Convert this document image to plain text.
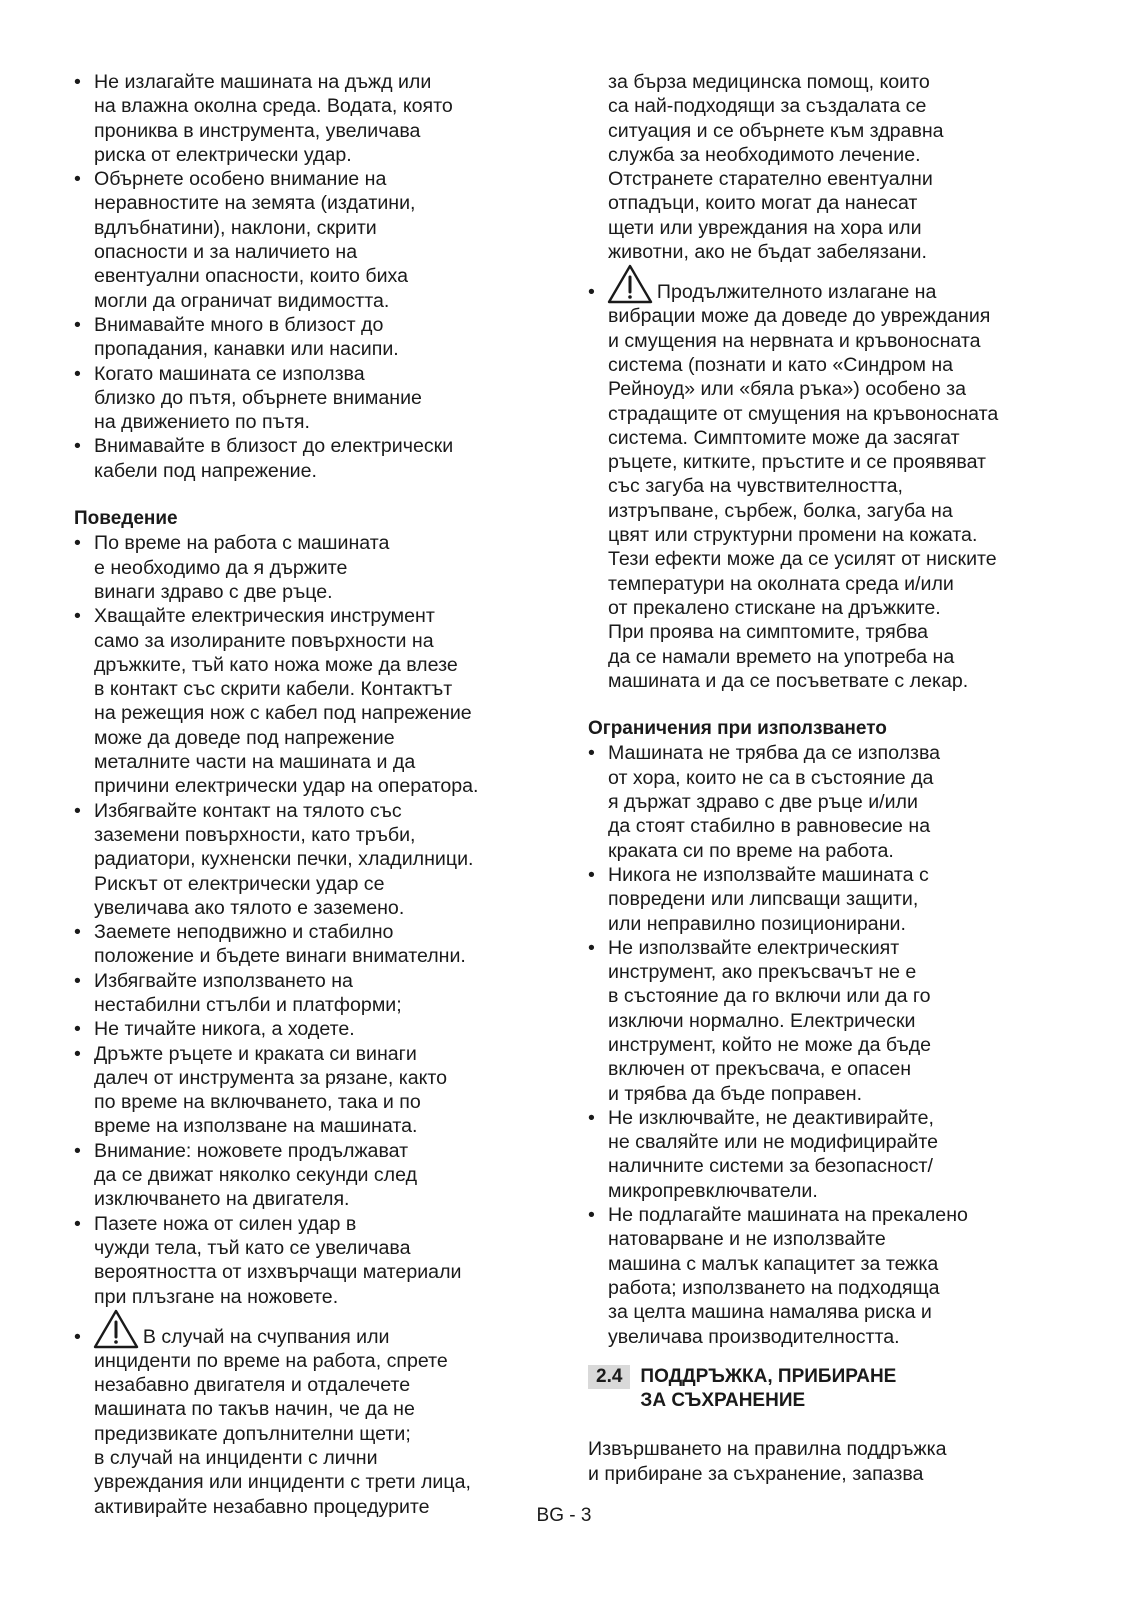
• Не излагайте машината на дъжд или
на влажна околна среда. Водата, която
прониква в инструмента, увеличава
риска от електрически удар.
• Обърнете особено внимание на
неравностите на земята (издатини,
вдлъбнатини), наклони, скрити
опасности и за наличието на
евентуални опасности, които биха
могли да ограничат видимостта.
• Внимавайте много в близост до
пропадания, канавки или насипи.
• Когато машината се използва
близко до пътя, обърнете внимание
на движението по пътя.
• Внимавайте в близост до електрически
кабели под напрежение.
Поведение
• По време на работа с машината
е необходимо да я държите
винаги здраво с две ръце.
• Хващайте електрическия инструмент
само за изолираните повърхности на
дръжките, тъй като ножа може да влезе
в контакт със скрити кабели. Контактът
на режещия нож с кабел под напрежение
може да доведе под напрежение
металните части на машината и да
причини електрически удар на оператора.
• Избягвайте контакт на тялото със
заземени повърхности, като тръби,
радиатори, кухненски печки, хладилници.
Рискът от електрически удар се
увеличава ако тялото е заземено.
• Заемете неподвижно и стабилно
положение и бъдете винаги внимателни.
• Избягвайте използването на
нестабилни стълби и платформи;
• Не тичайте никога, а ходете.
• Дръжте ръцете и краката си винаги
далеч от инструмента за рязане, както
по време на включването, така и по
време на използване на машината.
• Внимание: ножовете продължават
да се движат няколко секунди след
изключването на двигателя.
• Пазете ножа от силен удар в
чужди тела, тъй като се увеличава
вероятността от изхвърчащи материали
при плъзгане на ножовете.
•	В случай на счупвания или
инциденти по време на работа, спрете
незабавно двигателя и отдалечете
машината по такъв начин, че да не
предизвикате допълнителни щети;
в случай на инциденти с лични
увреждания или инциденти с трети лица,
активирайте незабавно процедурите
за бърза медицинска помощ, които
са най-подходящи за създалата се
ситуация и се обърнете към здравна
служба за необходимото лечение.
Отстранете старателно евентуални
отпадъци, които могат да нанесат
щети или увреждания на хора или
животни, ако не бъдат забелязани.
•	Продължителното излагане на
вибрации може да доведе до увреждания
и смущения на нервната и кръвоносната
система (познати и като «Синдром на
Рейноуд» или «бяла ръка») особено за
страдащите от смущения на кръвоносната
система. Симптомите може да засягат
ръцете, китките, пръстите и се проявяват
със загуба на чувствителността,
изтръпване, сърбеж, болка, загуба на
цвят или структурни промени на кожата.
Тези ефекти може да се усилят от ниските
температури на околната среда и/или
от прекалено стискане на дръжките.
При проява на симптомите, трябва
да се намали времето на употреба на
машината и да се посъветвате с лекар.
Ограничения при използването
• Машината не трябва да се използва
от хора, които не са в състояние да
я държат здраво с две ръце и/или
да стоят стабилно в равновесие на
краката си по време на работа.
• Никога не използвайте машината с
повредени или липсващи защити,
или неправилно позиционирани.
• Не използвайте електрическият
инструмент, ако прекъсвачът не е
в състояние да го включи или да го
изключи нормално. Електрически
инструмент, който не може да бъде
включен от прекъсвача, е опасен
и трябва да бъде поправен.
• Не изключвайте, не деактивирайте,
не сваляйте или не модифицирайте
наличните системи за безопасност/
микропревключватели.
• Не подлагайте машината на прекалено
натоварване и не използвайте
машина с малък капацитет за тежка
работа; използването на подходяща
за целта машина намалява риска и
увеличава производителността.
2.4 ПОДДРЪЖКА, ПРИБИРАНЕ
ЗА СЪХРАНЕНИЕ
Извършването на правилна поддръжка
и прибиране за съхранение, запазва
BG - 3
